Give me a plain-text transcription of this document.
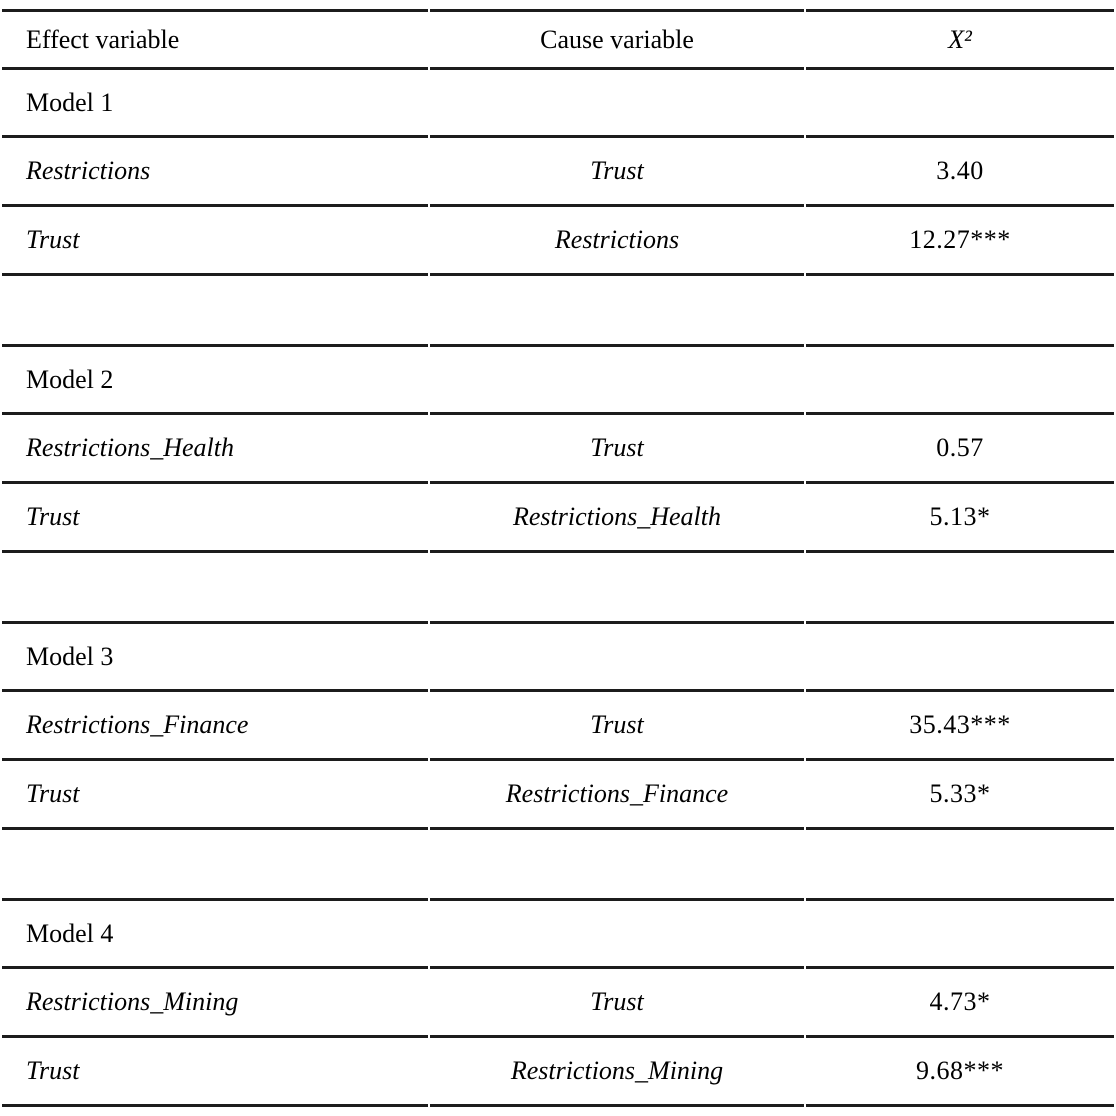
Effect variable	Cause variable	X²
Model 1		
Restrictions	Trust	3.40
Trust	Restrictions	12.27***

Model 2		
Restrictions_Health	Trust	0.57
Trust	Restrictions_Health	5.13*

Model 3		
Restrictions_Finance	Trust	35.43***
Trust	Restrictions_Finance	5.33*

Model 4		
Restrictions_Mining	Trust	4.73*
Trust	Restrictions_Mining	9.68***
